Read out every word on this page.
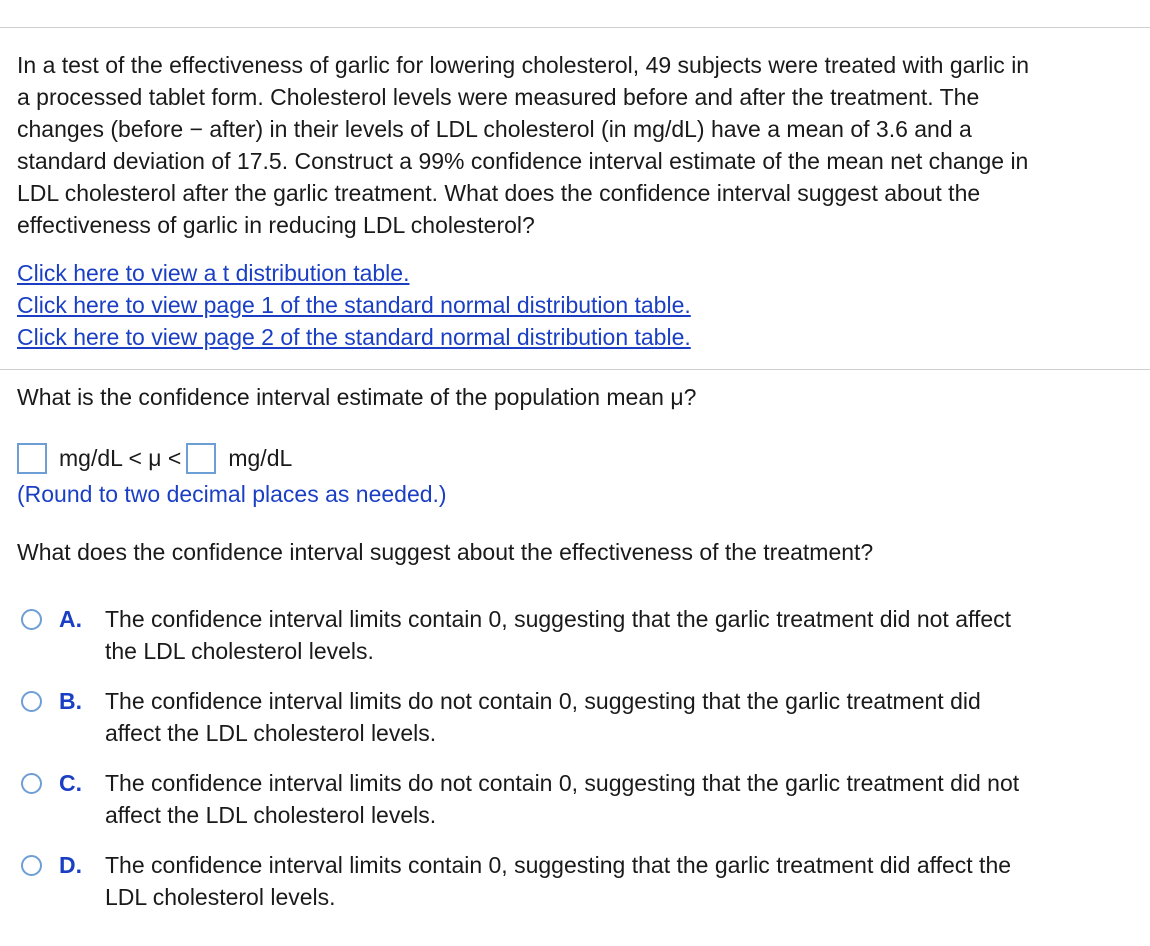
In a test of the effectiveness of garlic for lowering cholesterol, 49 subjects were treated with garlic in
a processed tablet form. Cholesterol levels were measured before and after the treatment. The
changes (before − after) in their levels of LDL cholesterol (in mg/dL) have a mean of 3.6 and a
standard deviation of 17.5. Construct a 99% confidence interval estimate of the mean net change in
LDL cholesterol after the garlic treatment. What does the confidence interval suggest about the
effectiveness of garlic in reducing LDL cholesterol?
Click here to view a t distribution table.
Click here to view page 1 of the standard normal distribution table.
Click here to view page 2 of the standard normal distribution table.
What is the confidence interval estimate of the population mean μ?
mg/dL < μ < mg/dL
(Round to two decimal places as needed.)
What does the confidence interval suggest about the effectiveness of the treatment?
A. The confidence interval limits contain 0, suggesting that the garlic treatment did not affect
the LDL cholesterol levels.
B. The confidence interval limits do not contain 0, suggesting that the garlic treatment did
affect the LDL cholesterol levels.
C. The confidence interval limits do not contain 0, suggesting that the garlic treatment did not
affect the LDL cholesterol levels.
D. The confidence interval limits contain 0, suggesting that the garlic treatment did affect the
LDL cholesterol levels.
